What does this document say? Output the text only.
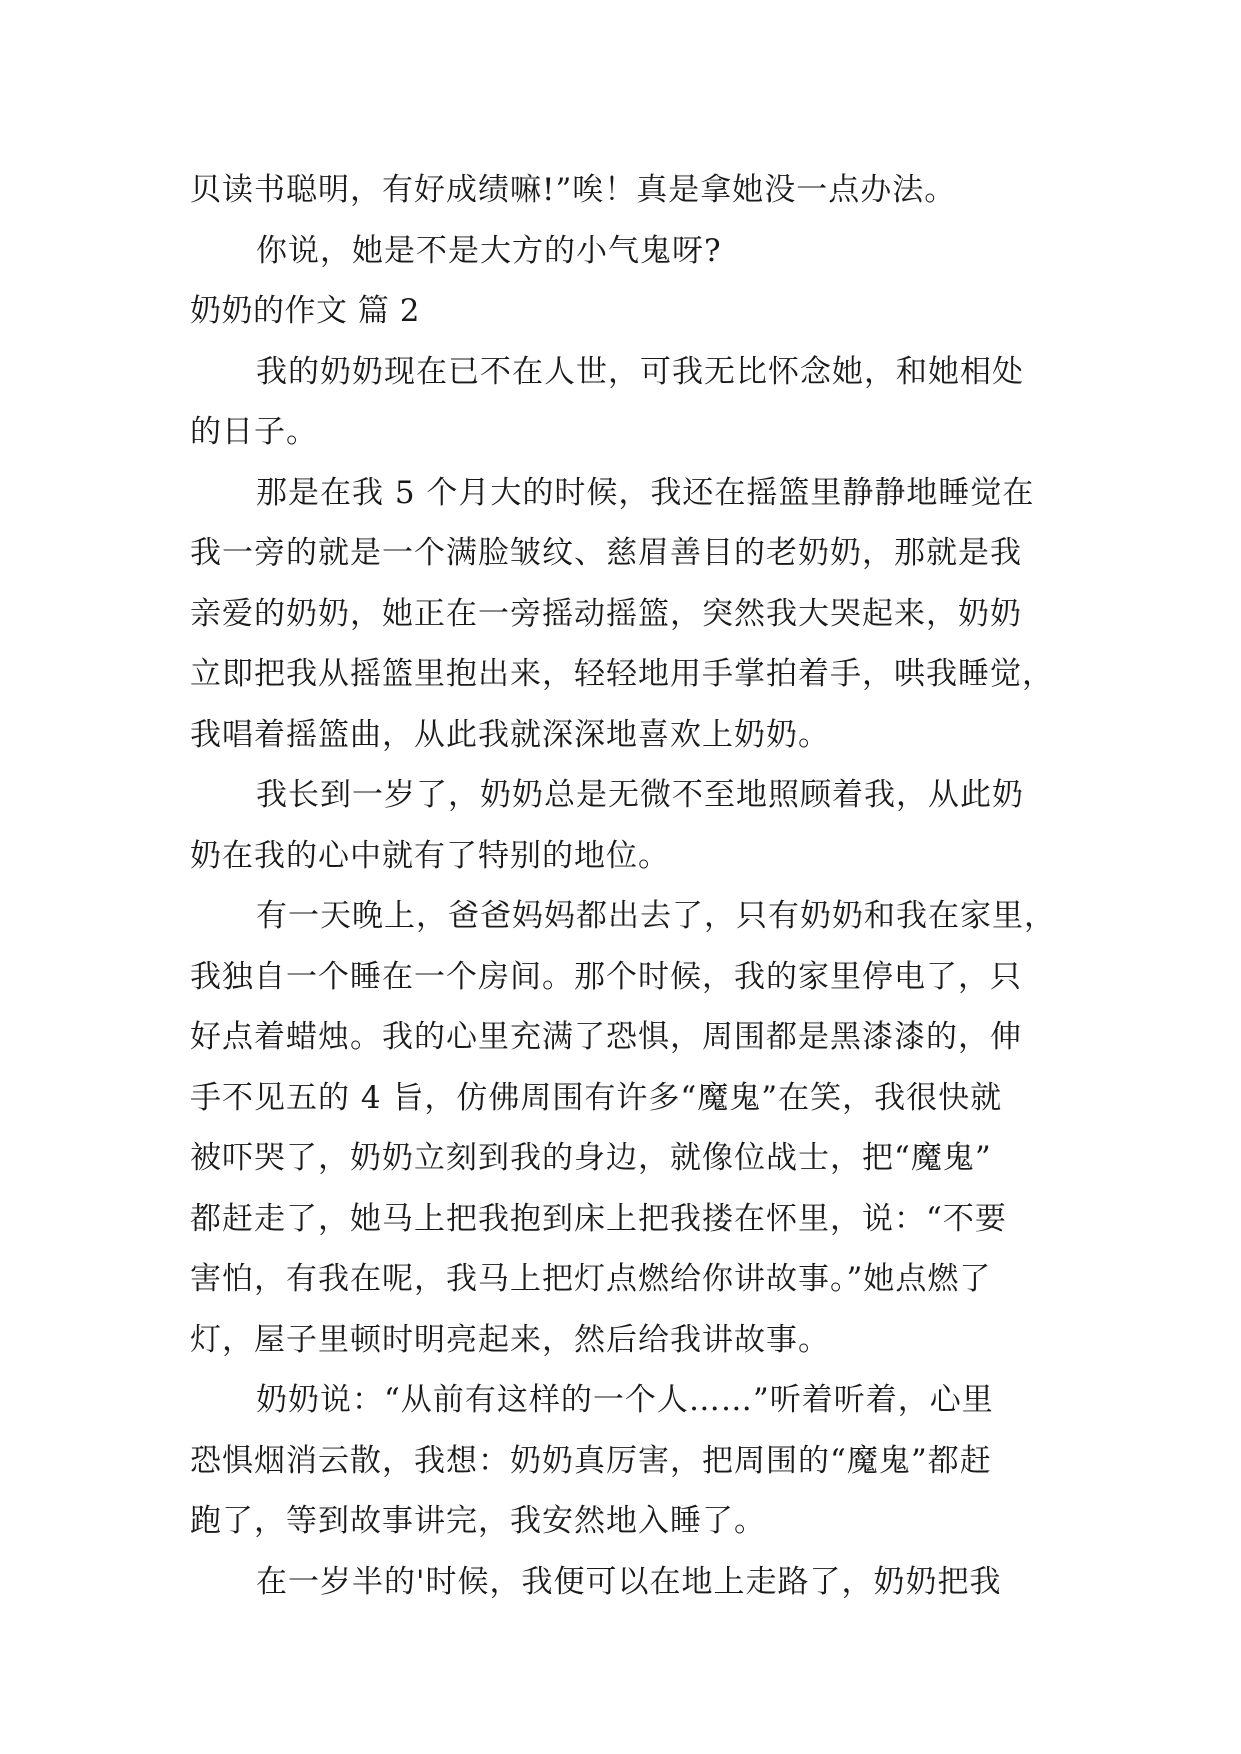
贝读书聪明，有好成绩嘛!”唉！真是拿她没一点办法。
你说，她是不是大方的小气鬼呀?
奶奶的作文 篇 2
我的奶奶现在已不在人世，可我无比怀念她，和她相处
的日子。
那是在我 5 个月大的时候，我还在摇篮里静静地睡觉在
我一旁的就是一个满脸皱纹、慈眉善目的老奶奶，那就是我
亲爱的奶奶，她正在一旁摇动摇篮，突然我大哭起来，奶奶
立即把我从摇篮里抱出来，轻轻地用手掌拍着手，哄我睡觉，
我唱着摇篮曲，从此我就深深地喜欢上奶奶。
我长到一岁了，奶奶总是无微不至地照顾着我，从此奶
奶在我的心中就有了特别的地位。
有一天晚上，爸爸妈妈都出去了，只有奶奶和我在家里，
我独自一个睡在一个房间。那个时候，我的家里停电了，只
好点着蜡烛。我的心里充满了恐惧，周围都是黑漆漆的，伸
手不见五的 4 旨，仿佛周围有许多“魔鬼”在笑，我很快就
被吓哭了，奶奶立刻到我的身边，就像位战士，把“魔鬼”
都赶走了，她马上把我抱到床上把我搂在怀里，说：“不要
害怕，有我在呢，我马上把灯点燃给你讲故事。”她点燃了
灯，屋子里顿时明亮起来，然后给我讲故事。
奶奶说：“从前有这样的一个人……”听着听着，心里
恐惧烟消云散，我想：奶奶真厉害，把周围的“魔鬼”都赶
跑了，等到故事讲完，我安然地入睡了。
在一岁半的'时候，我便可以在地上走路了，奶奶把我
